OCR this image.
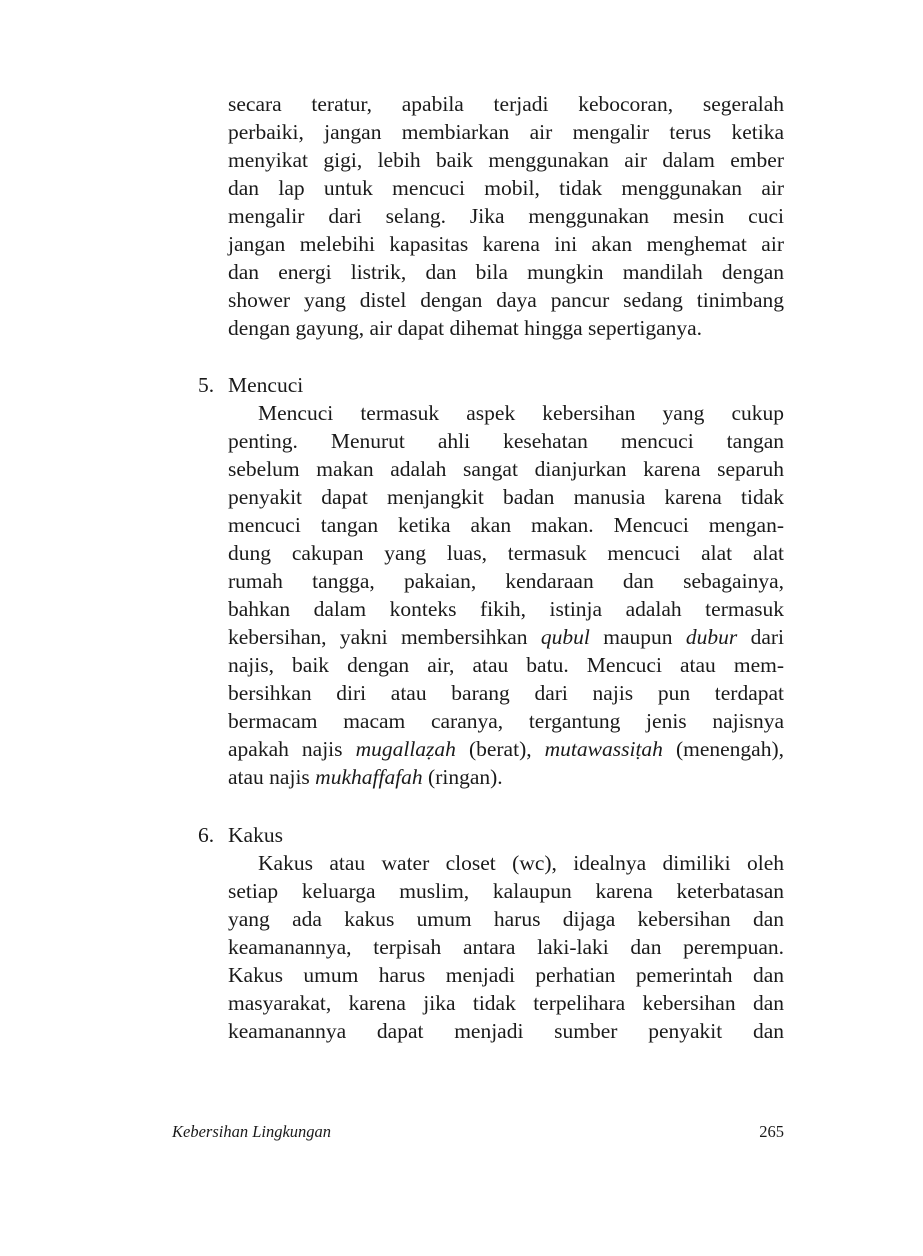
secara teratur, apabila terjadi kebocoran, segeralah
perbaiki, jangan membiarkan air mengalir terus ketika
menyikat gigi, lebih baik menggunakan air dalam ember
dan lap untuk mencuci mobil, tidak menggunakan air
mengalir dari selang. Jika menggunakan mesin cuci
jangan melebihi kapasitas karena ini akan menghemat air
dan energi listrik, dan bila mungkin mandilah dengan
shower yang distel dengan daya pancur sedang tinimbang
dengan gayung, air dapat dihemat hingga sepertiganya.
5. Mencuci
Mencuci termasuk aspek kebersihan yang cukup
penting. Menurut ahli kesehatan mencuci tangan
sebelum makan adalah sangat dianjurkan karena separuh
penyakit dapat menjangkit badan manusia karena tidak
mencuci tangan ketika akan makan. Mencuci mengan-
dung cakupan yang luas, termasuk mencuci alat alat
rumah tangga, pakaian, kendaraan dan sebagainya,
bahkan dalam konteks fikih, istinja adalah termasuk
kebersihan, yakni membersihkan qubul maupun dubur dari
najis, baik dengan air, atau batu. Mencuci atau mem-
bersihkan diri atau barang dari najis pun terdapat
bermacam macam caranya, tergantung jenis najisnya
apakah najis mugallaẓah (berat), mutawassiṭah (menengah),
atau najis mukhaffafah (ringan).
6. Kakus
Kakus atau water closet (wc), idealnya dimiliki oleh
setiap keluarga muslim, kalaupun karena keterbatasan
yang ada kakus umum harus dijaga kebersihan dan
keamanannya, terpisah antara laki-laki dan perempuan.
Kakus umum harus menjadi perhatian pemerintah dan
masyarakat, karena jika tidak terpelihara kebersihan dan
keamanannya dapat menjadi sumber penyakit dan
Kebersihan Lingkungan	265
